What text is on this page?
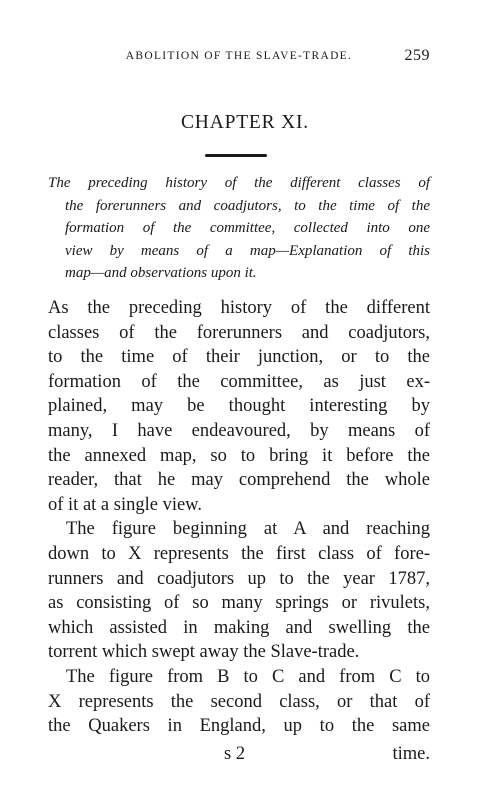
ABOLITION OF THE SLAVE-TRADE.	259
CHAPTER XI.
The preceding history of the different classes of
the forerunners and coadjutors, to the time of the
formation of the committee, collected into one
view by means of a map—Explanation of this
map—and observations upon it.
As the preceding history of the different
classes of the forerunners and coadjutors,
to the time of their junction, or to the
formation of the committee, as just ex-
plained, may be thought interesting by
many, I have endeavoured, by means of
the annexed map, so to bring it before the
reader, that he may comprehend the whole
of it at a single view.
The figure beginning at A and reaching
down to X represents the first class of fore-
runners and coadjutors up to the year 1787,
as consisting of so many springs or rivulets,
which assisted in making and swelling the
torrent which swept away the Slave-trade.
The figure from B to C and from C to
X represents the second class, or that of
the Quakers in England, up to the same
s 2	time.
